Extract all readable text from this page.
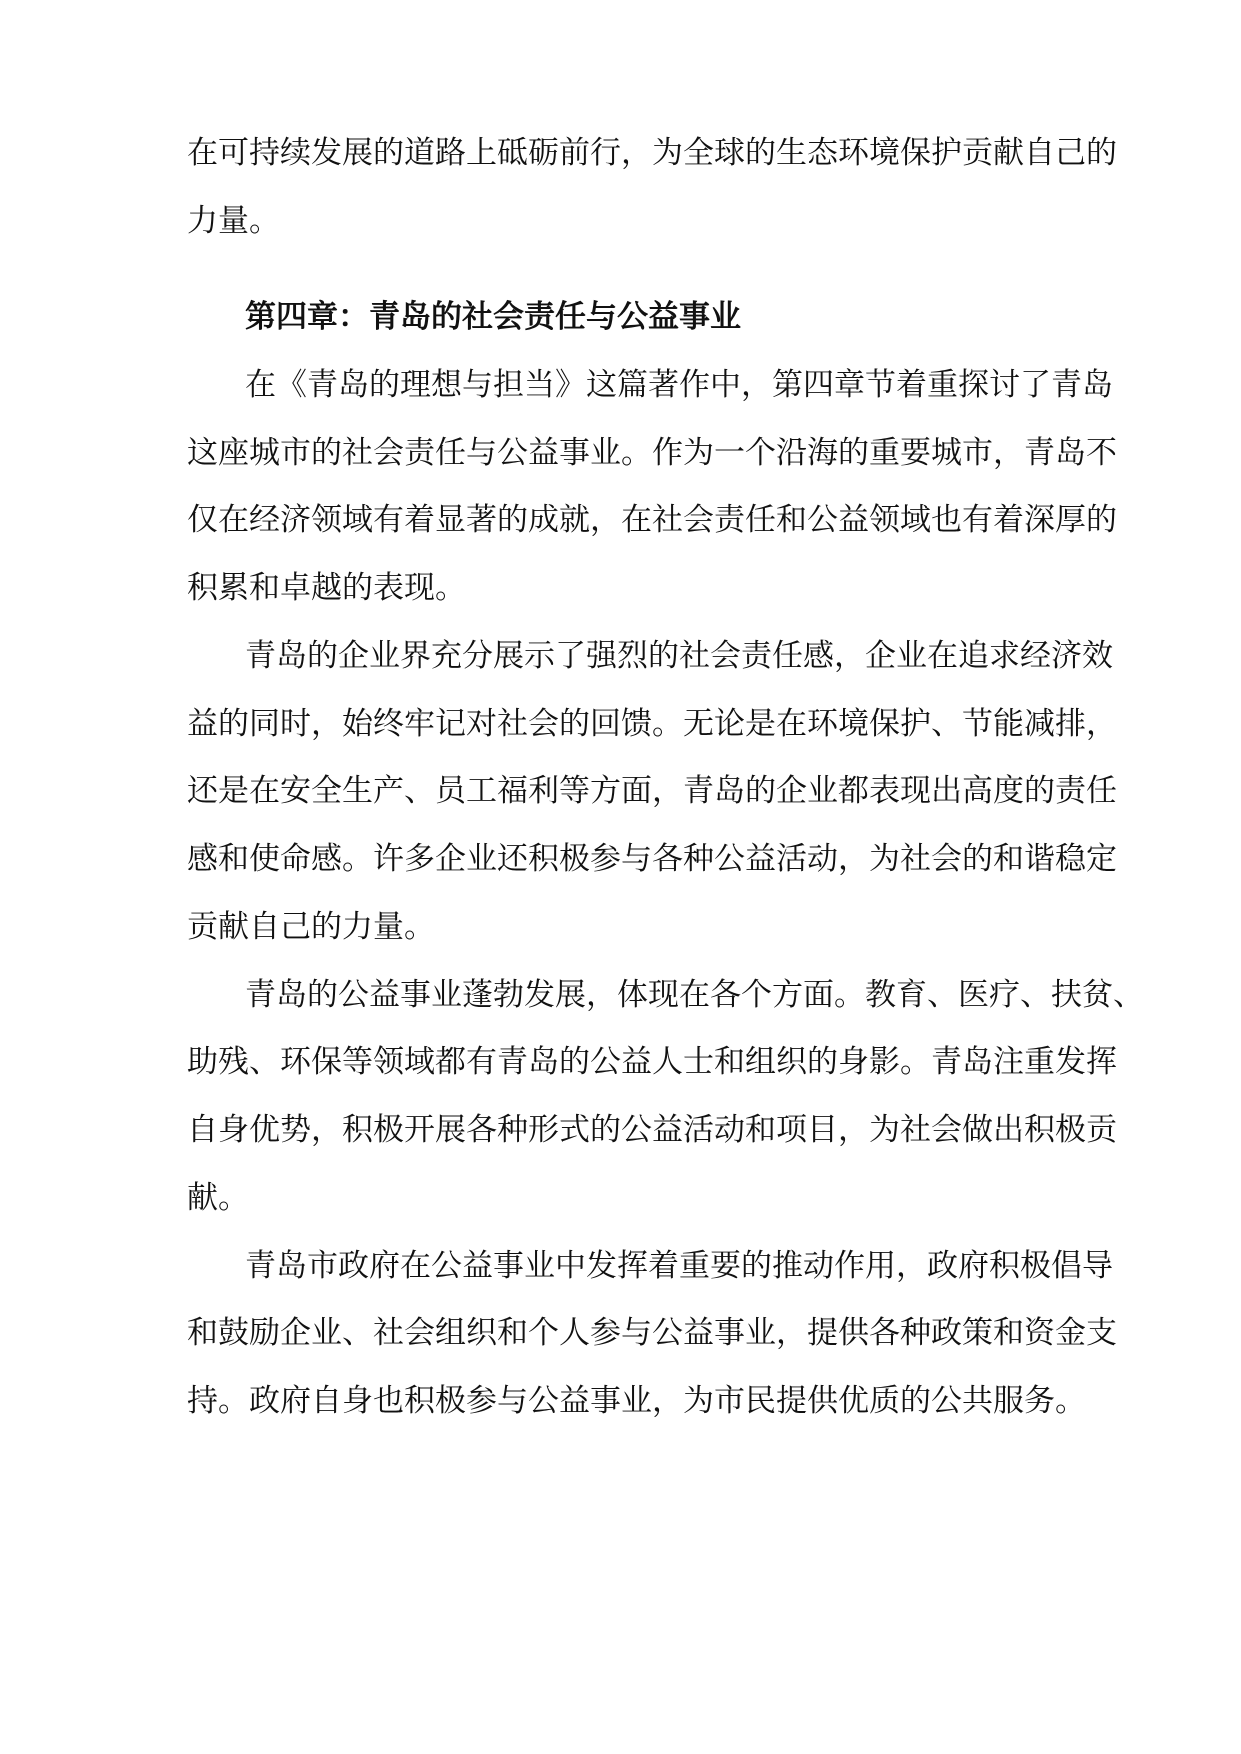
在可持续发展的道路上砥砺前行，为全球的生态环境保护贡献自己的
力量。
第四章：青岛的社会责任与公益事业
在《青岛的理想与担当》这篇著作中，第四章节着重探讨了青岛
这座城市的社会责任与公益事业。作为一个沿海的重要城市，青岛不
仅在经济领域有着显著的成就，在社会责任和公益领域也有着深厚的
积累和卓越的表现。
青岛的企业界充分展示了强烈的社会责任感，企业在追求经济效
益的同时，始终牢记对社会的回馈。无论是在环境保护、节能减排，
还是在安全生产、员工福利等方面，青岛的企业都表现出高度的责任
感和使命感。许多企业还积极参与各种公益活动，为社会的和谐稳定
贡献自己的力量。
青岛的公益事业蓬勃发展，体现在各个方面。教育、医疗、扶贫、
助残、环保等领域都有青岛的公益人士和组织的身影。青岛注重发挥
自身优势，积极开展各种形式的公益活动和项目，为社会做出积极贡
献。
青岛市政府在公益事业中发挥着重要的推动作用，政府积极倡导
和鼓励企业、社会组织和个人参与公益事业，提供各种政策和资金支
持。政府自身也积极参与公益事业，为市民提供优质的公共服务。
